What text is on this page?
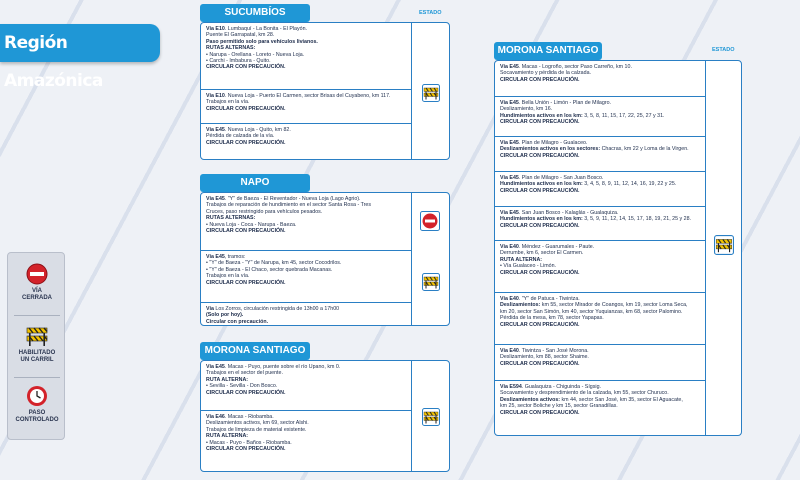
Región Amazónica
VÍA
CERRADA
HABILITADO
UN CARRIL
PASO
CONTROLADO
SUCUMBÍOS	ESTADO
Vía E10. Lumbaquí - La Bonita - El Playón.
Puente El Garrapatal, km 28.
Paso permitido solo para vehículos livianos.
RUTAS ALTERNAS:
• Narupa - Orellana - Loreto - Nueva Loja.
• Carchi - Imbabura - Quito.
CIRCULAR CON PRECAUCIÓN.
Vía E10. Nueva Loja - Puerto El Carmen, sector Brisas del Cuyabeno, km 117.
Trabajos en la vía.
CIRCULAR CON PRECAUCIÓN.
Vía E45. Nueva Loja - Quito, km 82.
Pérdida de calzada de la vía.
CIRCULAR CON PRECAUCIÓN.
NAPO
Vía E45. "Y" de Baeza - El Reventador - Nueva Loja (Lago Agrio).
Trabajos de reparación de hundimiento en el sector Santa Rosa - Tres
Cruces, paso restringido para vehículos pesados.
RUTAS ALTERNAS:
• Nueva Loja - Coca - Narupa - Baeza.
CIRCULAR CON PRECAUCIÓN.
Vía E45, tramos:
• "Y" de Baeza - "Y" de Narupa, km 45, sector Cocodrilos.
• "Y" de Baeza - El Chaco, sector quebrada Macanas.
Trabajos en la vía.
CIRCULAR CON PRECAUCIÓN.
Vía Los Zorros, circulación restringida de 13h00 a 17h00
(Solo por hoy).
Circular con precaución.
MORONA SANTIAGO
Vía E45. Macas - Puyo, puente sobre el río Upano, km 0.
Trabajos en el sector del puente.
RUTA ALTERNA:
• Sevilla - Sevilla - Don Bosco.
CIRCULAR CON PRECAUCIÓN.
Vía E46. Macas - Riobamba.
Deslizamientos activos, km 69, sector Alshi.
Trabajos de limpieza de material existente.
RUTA ALTERNA:
• Macas - Puyo - Baños - Riobamba.
CIRCULAR CON PRECAUCIÓN.
MORONA SANTIAGO	ESTADO
Vía E45. Macas - Logroño, sector Paso Carreño, km 10.
Socavamiento y pérdida de la calzada.
CIRCULAR CON PRECAUCIÓN.
Vía E45. Bella Unión - Limón - Plan de Milagro.
Deslizamiento, km 16.
Hundimientos activos en los km: 3, 5, 8, 11, 15, 17, 22, 25, 27 y 31.
CIRCULAR CON PRECAUCIÓN.
Vía E45. Plan de Milagro - Gualaceo.
Deslizamientos activos en los sectores: Chacras, km 22 y Loma de la Virgen.
CIRCULAR CON PRECAUCIÓN.
Vía E45. Plan de Milagro - San Juan Bosco.
Hundimientos activos en los km: 3, 4, 5, 8, 9, 11, 12, 14, 16, 19, 22 y 25.
CIRCULAR CON PRECAUCIÓN.
Vía E45. San Juan Bosco - Kalaglás - Gualaquiza.
Hundimientos activos en los km: 3, 5, 9, 11, 12, 14, 15, 17, 18, 19, 21, 25 y 28.
CIRCULAR CON PRECAUCIÓN.
Vía E40. Méndez - Guarumales - Paute.
Derrumbe, km 6, sector El Carmen.
RUTA ALTERNA:
• Vía Gualaceo - Limón.
CIRCULAR CON PRECAUCIÓN.
Vía E40. "Y" de Patuca - Tiwintza.
Deslizamientos: km 55, sector Mirador de Coangos, km 19, sector Loma Seca,
km 20, sector San Simón, km 40, sector Yuquianzas, km 68, sector Palomino.
Pérdida de la mesa, km 78, sector Yapapas.
CIRCULAR CON PRECAUCIÓN.
Vía E40. Tiwintza - San José Morona.
Deslizamiento, km 88, sector Shaime.
CIRCULAR CON PRECAUCIÓN.
Vía E594. Gualaquiza - Chiguinda - Sígsig.
Socavamiento y desprendimiento de la calzada, km 55, sector Churuco.
Deslizamientos activos: km 44, sector San José, km 35, sector El Aguacate,
km 25, sector Boliche y km 15, sector Granadillas.
CIRCULAR CON PRECAUCIÓN.
